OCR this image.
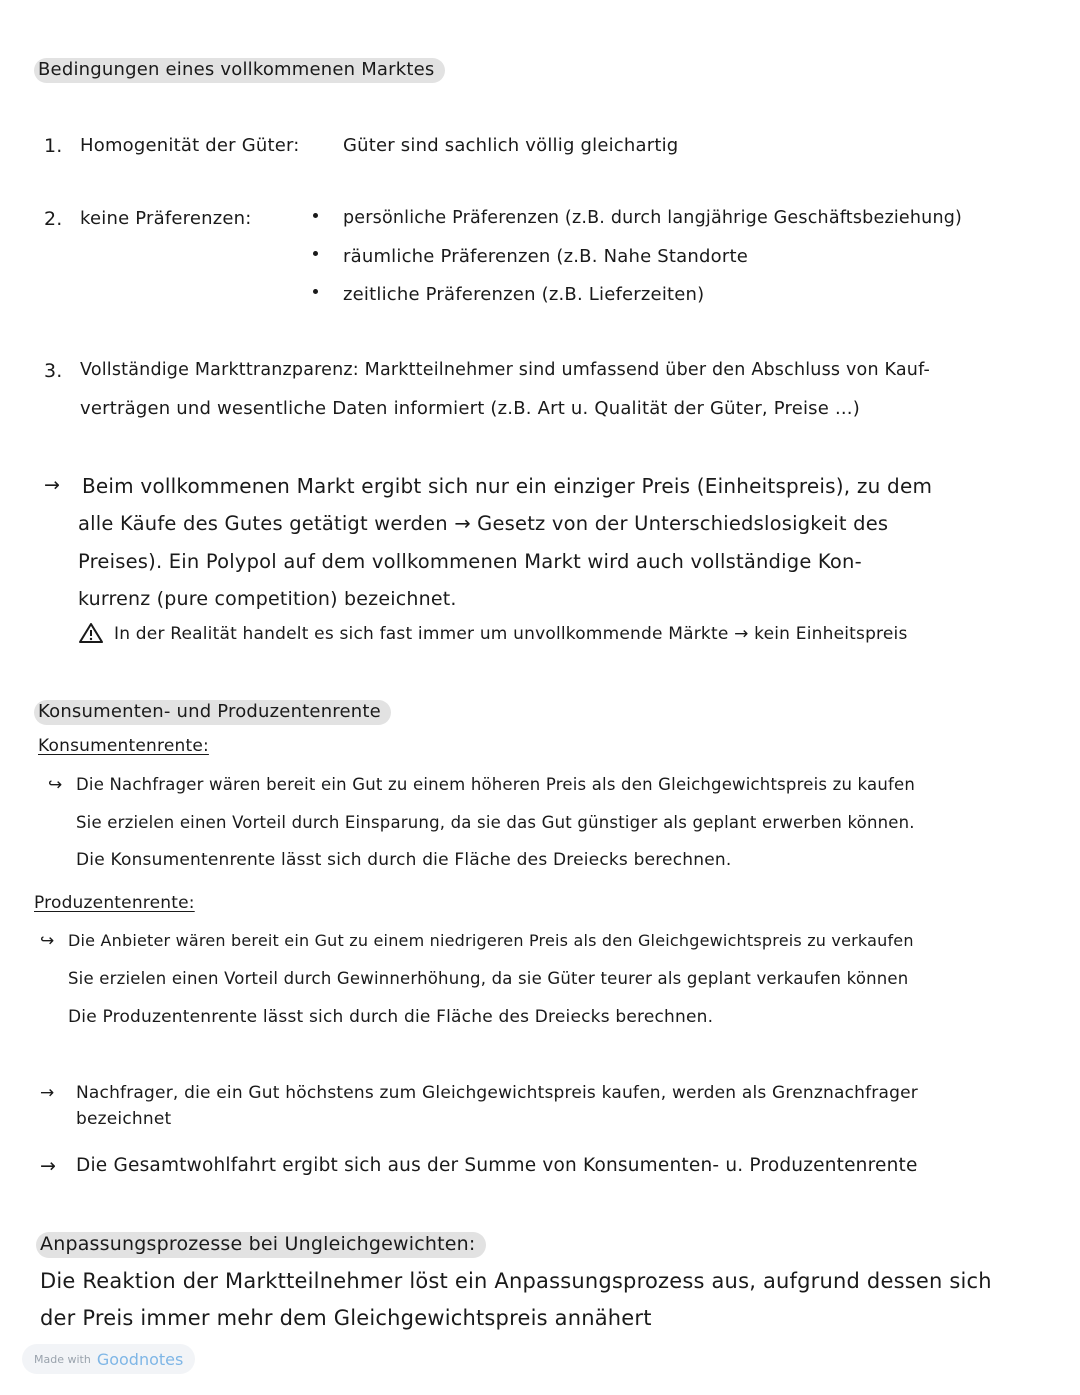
Bedingungen eines vollkommenen Marktes
1. Homogenität der Güter: Güter sind sachlich völlig gleichartig
2. keine Präferenzen:	persönliche Präferenzen (z.B. durch langjährige Geschäftsbeziehung)
räumliche Präferenzen (z.B. Nahe Standorte
zeitliche Präferenzen (z.B. Lieferzeiten)
3. Vollständige Markttranzparenz: Marktteilnehmer sind umfassend über den Abschluss von Kauf-
verträgen und wesentliche Daten informiert (z.B. Art u. Qualität der Güter, Preise ...)
→ Beim vollkommenen Markt ergibt sich nur ein einziger Preis (Einheitspreis), zu dem
alle Käufe des Gutes getätigt werden → Gesetz von der Unterschiedslosigkeit des
Preises). Ein Polypol auf dem vollkommenen Markt wird auch vollständige Kon-
kurrenz (pure competition) bezeichnet.
In der Realität handelt es sich fast immer um unvollkommende Märkte → kein Einheitspreis
Konsumenten- und Produzentenrente
Konsumentenrente:
↪ Die Nachfrager wären bereit ein Gut zu einem höheren Preis als den Gleichgewichtspreis zu kaufen
Sie erzielen einen Vorteil durch Einsparung, da sie das Gut günstiger als geplant erwerben können.
Die Konsumentenrente lässt sich durch die Fläche des Dreiecks berechnen.
Produzentenrente:
↪ Die Anbieter wären bereit ein Gut zu einem niedrigeren Preis als den Gleichgewichtspreis zu verkaufen
Sie erzielen einen Vorteil durch Gewinnerhöhung, da sie Güter teurer als geplant verkaufen können
Die Produzentenrente lässt sich durch die Fläche des Dreiecks berechnen.
→ Nachfrager, die ein Gut höchstens zum Gleichgewichtspreis kaufen, werden als Grenznachfrager
bezeichnet
→ Die Gesamtwohlfahrt ergibt sich aus der Summe von Konsumenten- u. Produzentenrente
Anpassungsprozesse bei Ungleichgewichten:
Die Reaktion der Marktteilnehmer löst ein Anpassungsprozess aus, aufgrund dessen sich
der Preis immer mehr dem Gleichgewichtspreis annähert
Made with Goodnotes
